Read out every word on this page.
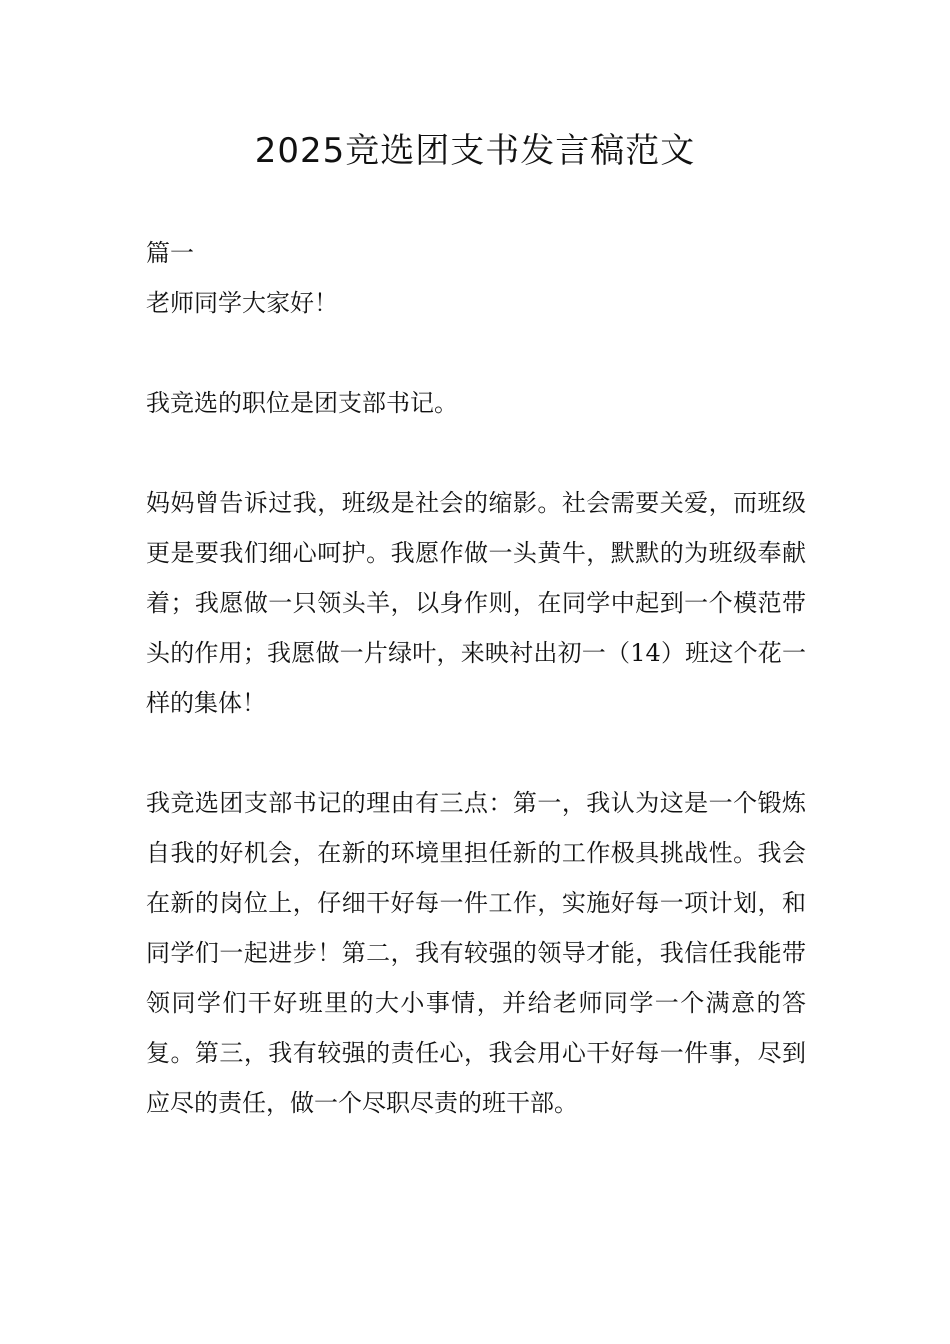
2025竞选团支书发言稿范文

篇一

老师同学大家好！

我竞选的职位是团支部书记。

妈妈曾告诉过我，班级是社会的缩影。社会需要关爱，而班级更是要我们细心呵护。我愿作做一头黄牛，默默的为班级奉献着；我愿做一只领头羊，以身作则，在同学中起到一个模范带头的作用；我愿做一片绿叶，来映衬出初一（14）班这个花一样的集体！

我竞选团支部书记的理由有三点：第一，我认为这是一个锻炼自我的好机会，在新的环境里担任新的工作极具挑战性。我会在新的岗位上，仔细干好每一件工作，实施好每一项计划，和同学们一起进步！第二，我有较强的领导才能，我信任我能带领同学们干好班里的大小事情，并给老师同学一个满意的答复。第三，我有较强的责任心，我会用心干好每一件事，尽到应尽的责任，做一个尽职尽责的班干部。
